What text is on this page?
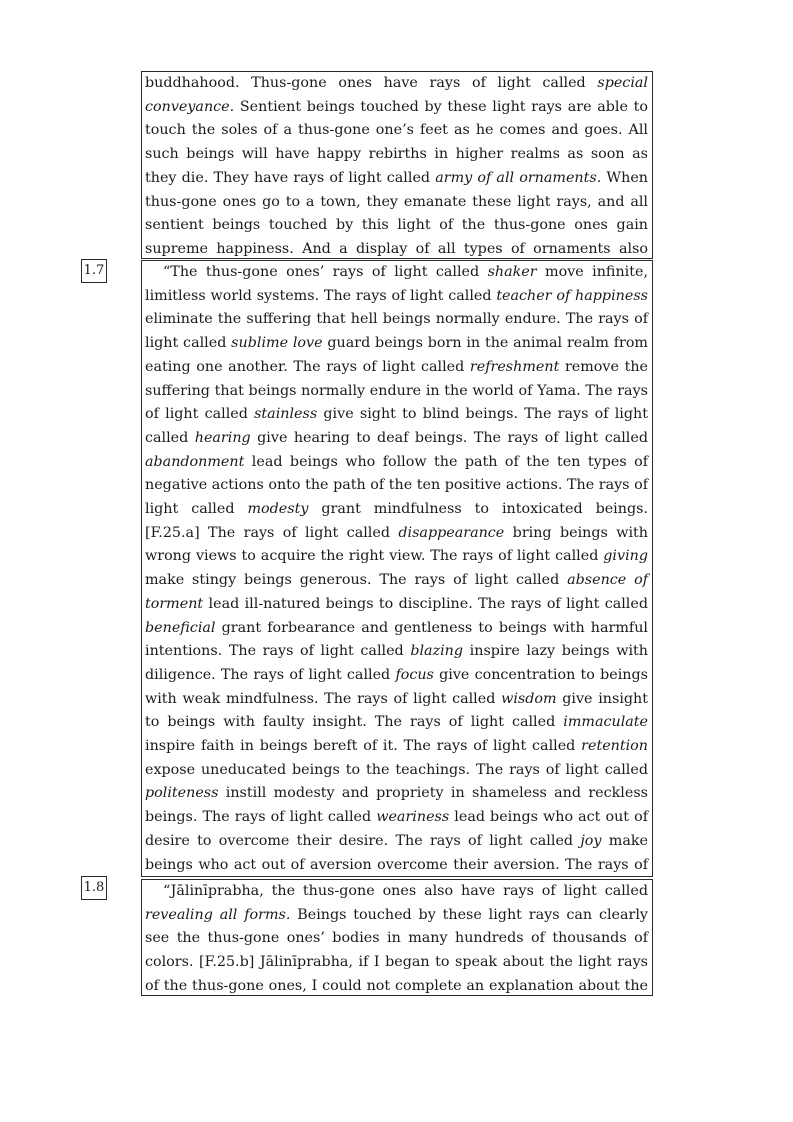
buddhahood. Thus-gone ones have rays of light called special conveyance. Sentient beings touched by these light rays are able to touch the soles of a thus-gone one’s feet as he comes and goes. All such beings will have happy rebirths in higher realms as soon as they die. They have rays of light called army of all ornaments. When thus-gone ones go to a town, they emanate these light rays, and all sentient beings touched by this light of the thus-gone ones gain supreme happiness. And a display of all types of ornaments also

1.7	“The thus-gone ones’ rays of light called shaker move infinite, limitless world systems. The rays of light called teacher of happiness eliminate the suffering that hell beings normally endure. The rays of light called sublime love guard beings born in the animal realm from eating one another. The rays of light called refreshment remove the suffering that beings normally endure in the world of Yama. The rays of light called stainless give sight to blind beings. The rays of light called hearing give hearing to deaf beings. The rays of light called abandonment lead beings who follow the path of the ten types of negative actions onto the path of the ten positive actions. The rays of light called modesty grant mindfulness to intoxicated beings. [F.25.a] The rays of light called disappearance bring beings with wrong views to acquire the right view. The rays of light called giving make stingy beings generous. The rays of light called absence of torment lead ill-natured beings to discipline. The rays of light called beneficial grant forbearance and gentleness to beings with harmful intentions. The rays of light called blazing inspire lazy beings with diligence. The rays of light called focus give concentration to beings with weak mindfulness. The rays of light called wisdom give insight to beings with faulty insight. The rays of light called immaculate inspire faith in beings bereft of it. The rays of light called retention expose uneducated beings to the teachings. The rays of light called politeness instill modesty and propriety in shameless and reckless beings. The rays of light called weariness lead beings who act out of desire to overcome their desire. The rays of light called joy make beings who act out of aversion overcome their aversion. The rays of

1.8	“Jālinīprabha, the thus-gone ones also have rays of light called revealing all forms. Beings touched by these light rays can clearly see the thus-gone ones’ bodies in many hundreds of thousands of colors. [F.25.b] Jālinīprabha, if I began to speak about the light rays of the thus-gone ones, I could not complete an explanation about the
